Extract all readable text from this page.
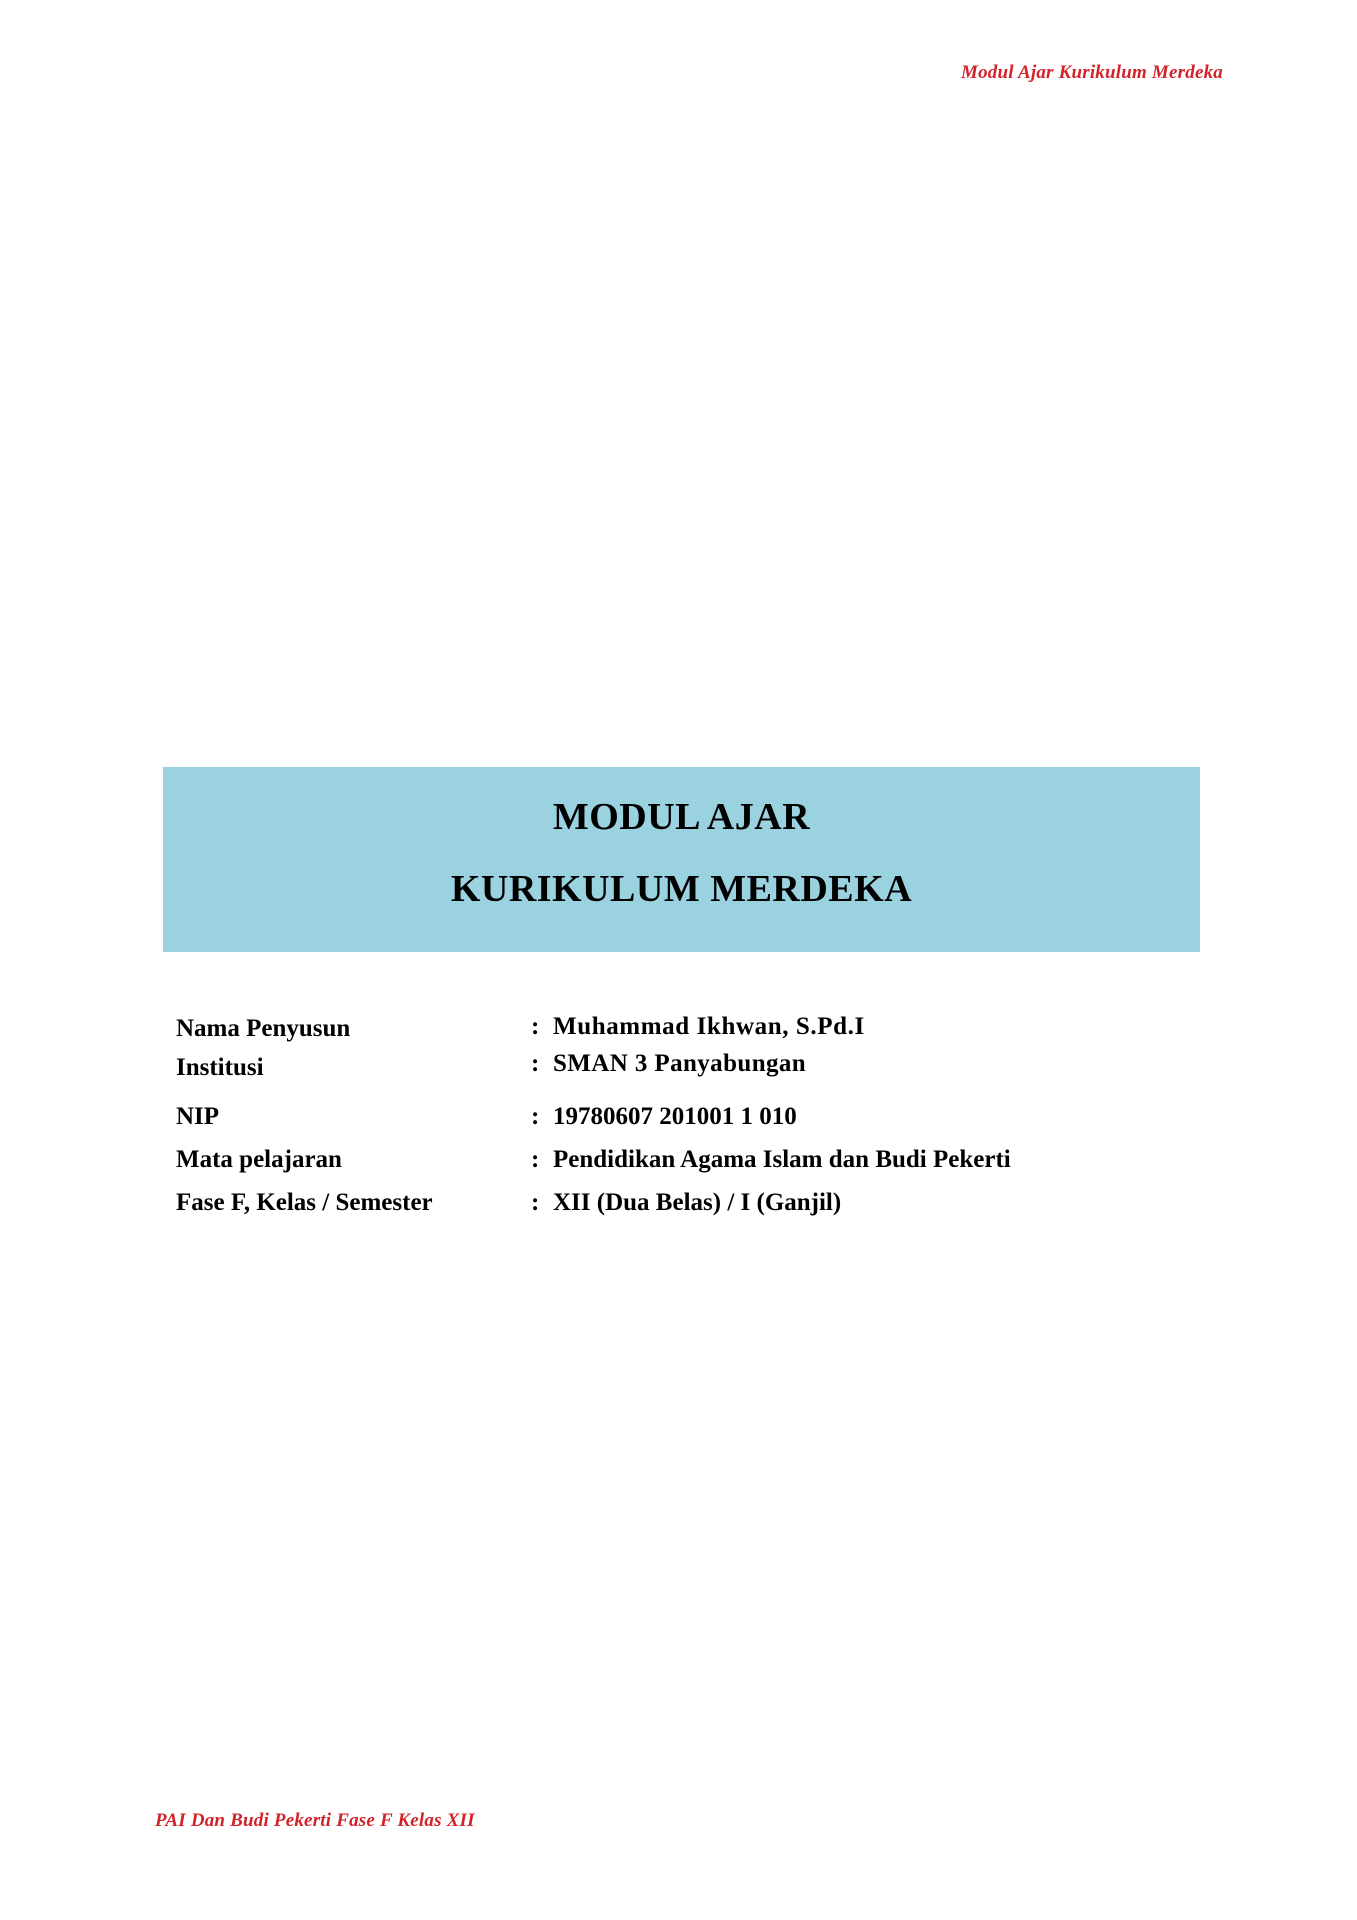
Modul Ajar Kurikulum Merdeka
MODUL AJAR
KURIKULUM MERDEKA
Nama Penyusun	: Muhammad Ikhwan, S.Pd.I
Institusi	: SMAN 3 Panyabungan
NIP	: 19780607 201001 1 010
Mata pelajaran	: Pendidikan Agama Islam dan Budi Pekerti
Fase F, Kelas / Semester	: XII (Dua Belas) / I (Ganjil)
PAI Dan Budi Pekerti Fase F Kelas XII
